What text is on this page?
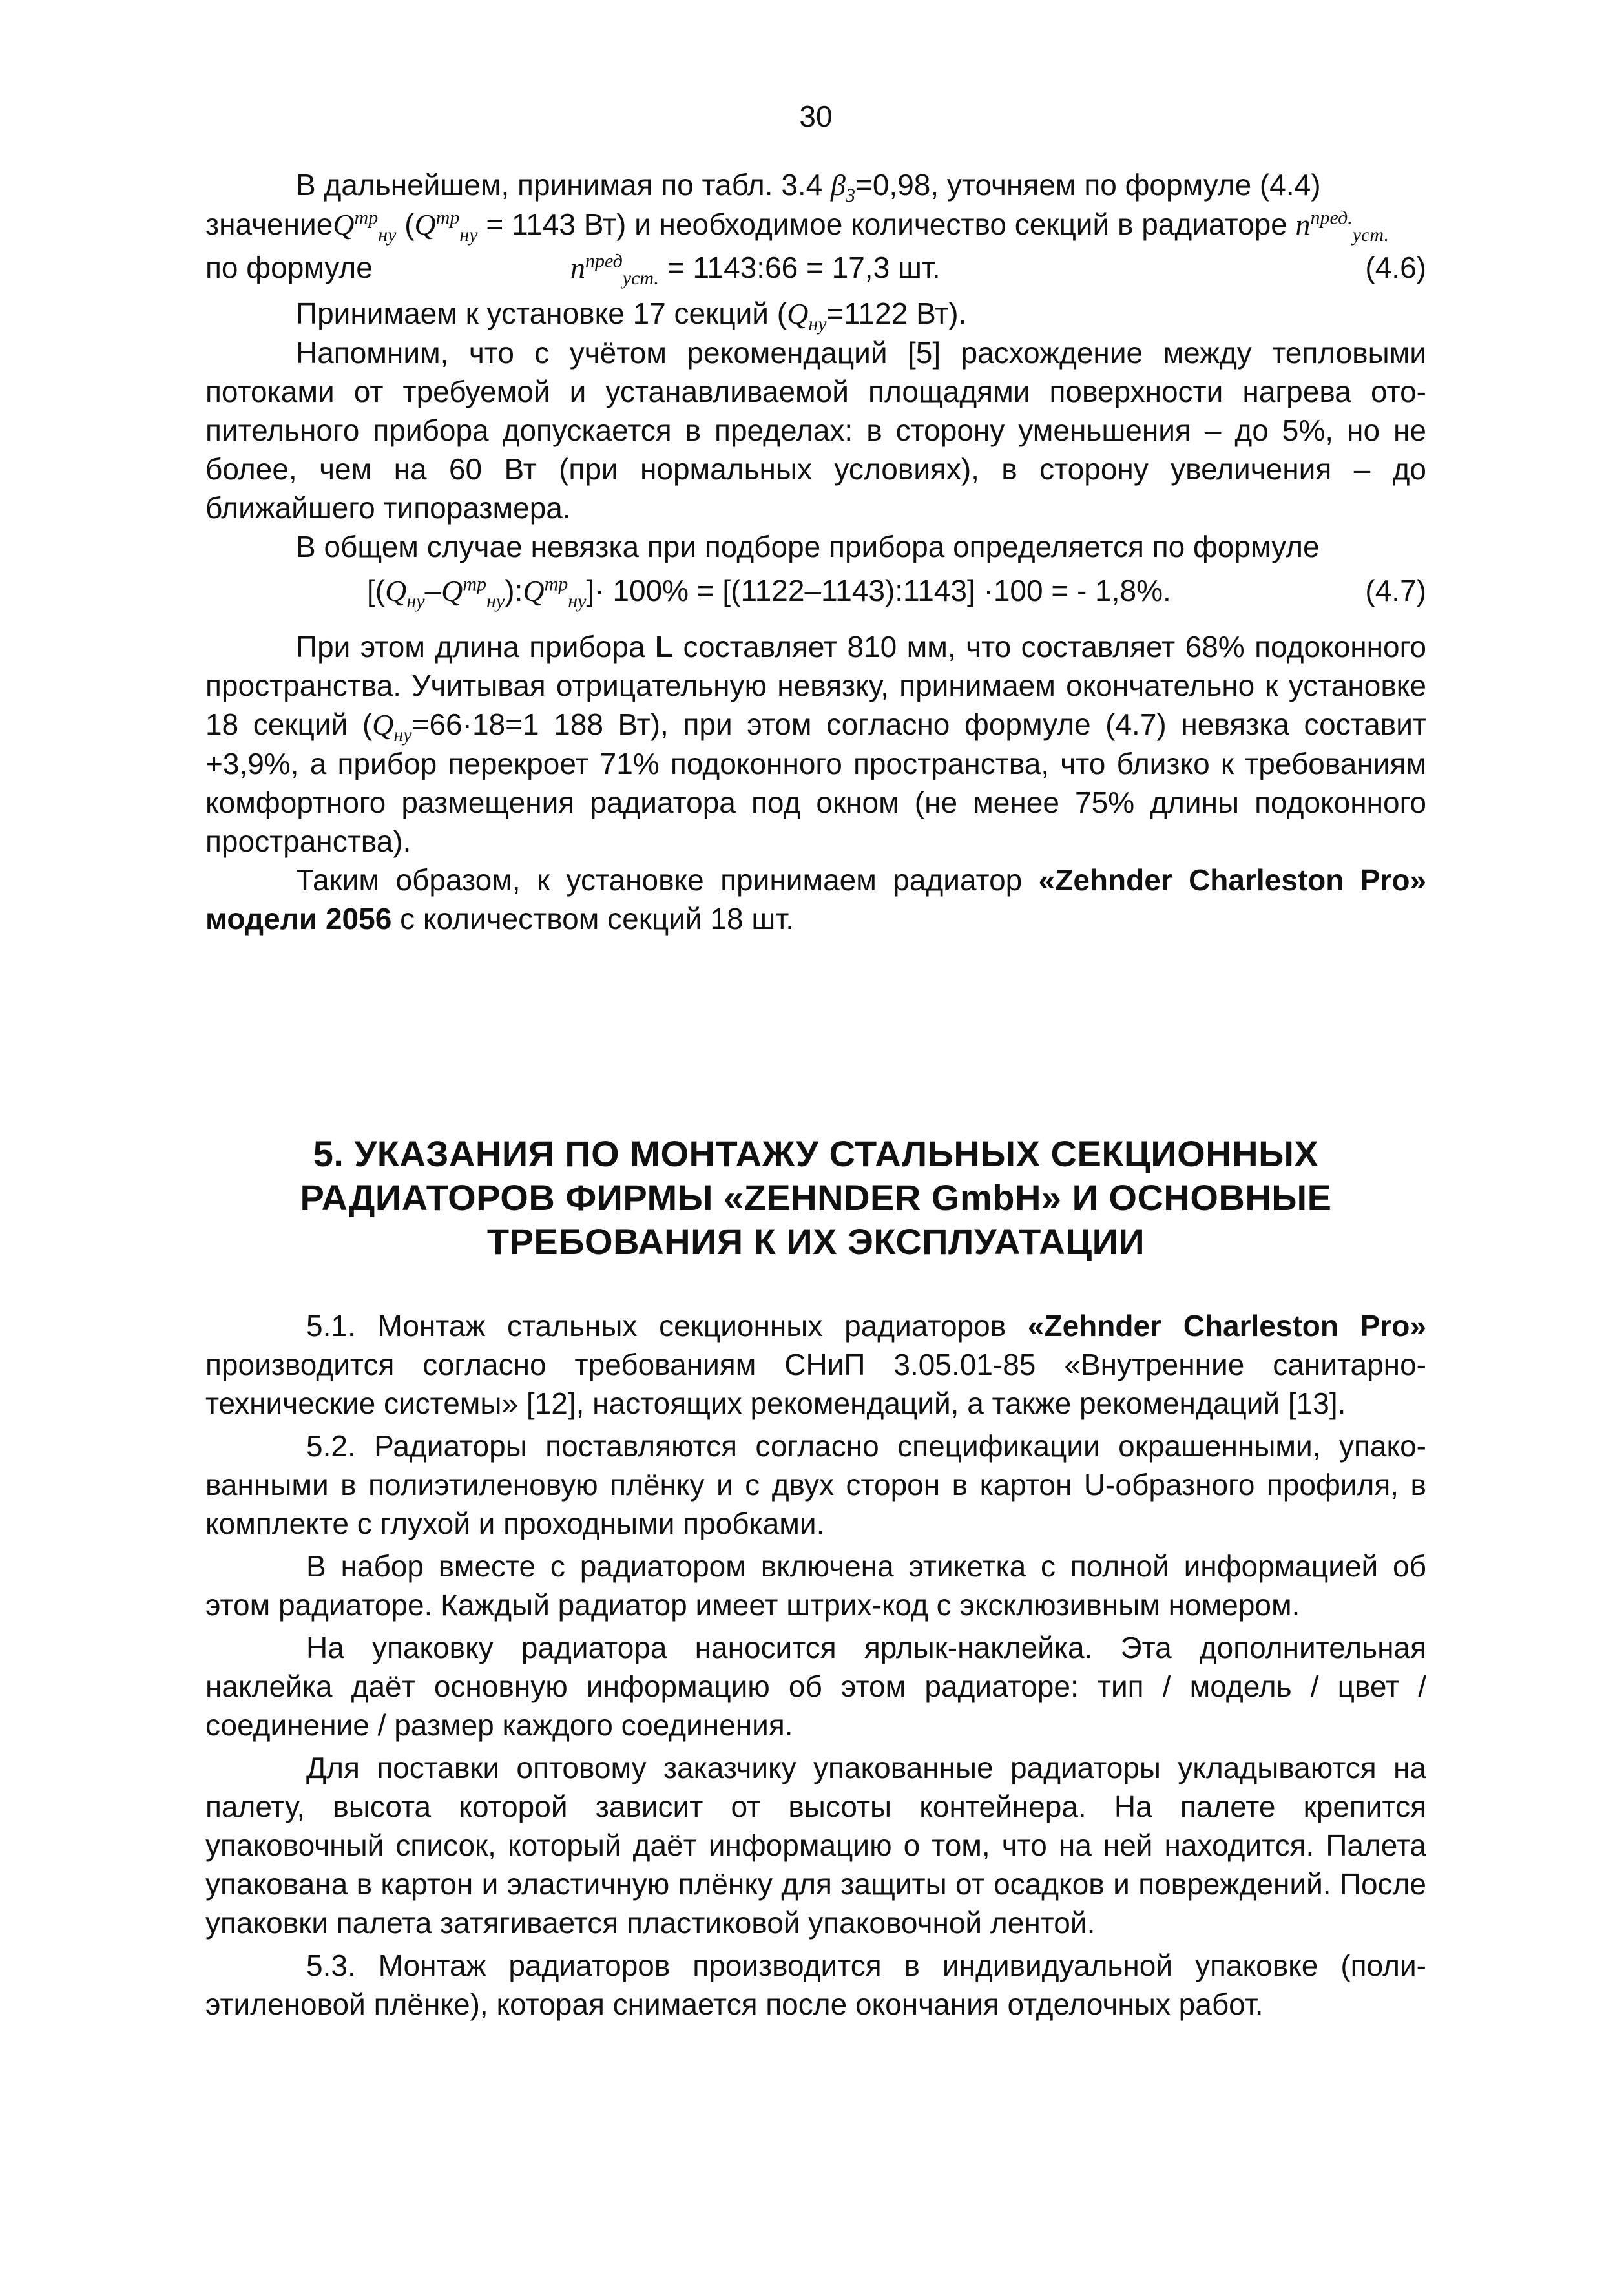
30

В дальнейшем, принимая по табл. 3.4 $\beta_3=0,98$, уточняем по формуле (4.4)

значениеQ$^{тр}_{ну}$ ($Q^{тр}_{ну} = 1143$ Вт) и необходимое количество секций в радиаторе $n^{пред.}_{уст.}$

по формуле	$n^{пред}_{уст.}$ = 1143:66 = 17,3 шт.	(4.6)

Принимаем к установке 17 секций ($Q_{ну}=1122$ Вт).

Напомним, что с учётом рекомендаций [5] расхождение между тепловыми потоками от требуемой и устанавливаемой площадями поверхности нагрева отопительного прибора допускается в пределах: в сторону уменьшения – до 5%, но не более, чем на 60 Вт (при нормальных условиях), в сторону увеличения – до ближайшего типоразмера.

В общем случае невязка при подборе прибора определяется по формуле

$[(Q_{ну}-Q^{тр}_{ну}):Q^{тр}_{ну}]\cdot 100\%$ = [(1122–1143):1143] ·100 = - 1,8%.	(4.7)

При этом длина прибора L составляет 810 мм, что составляет 68% подоконного пространства. Учитывая отрицательную невязку, принимаем окончательно к установке 18 секций ($Q_{ну}=66\cdot 18=1$ 188 Вт), при этом согласно формуле (4.7) невязка составит +3,9%, а прибор перекроет 71% подоконного пространства, что близко к требованиям комфортного размещения радиатора под окном (не менее 75% длины подоконного пространства).

Таким образом, к установке принимаем радиатор «Zehnder Charleston Pro» модели 2056 с количеством секций 18 шт.

5. УКАЗАНИЯ ПО МОНТАЖУ СТАЛЬНЫХ СЕКЦИОННЫХ
РАДИАТОРОВ ФИРМЫ «ZEHNDER GmbH» И ОСНОВНЫЕ
ТРЕБОВАНИЯ К ИХ ЭКСПЛУАТАЦИИ

5.1. Монтаж стальных секционных радиаторов «Zehnder Charleston Pro» производится согласно требованиям СНиП 3.05.01-85 «Внутренние санитарно-технические системы» [12], настоящих рекомендаций, а также рекомендаций [13].

5.2. Радиаторы поставляются согласно спецификации окрашенными, упакованными в полиэтиленовую плёнку и с двух сторон в картон U-образного профиля, в комплекте с глухой и проходными пробками.

В набор вместе с радиатором включена этикетка с полной информацией об этом радиаторе. Каждый радиатор имеет штрих-код с эксклюзивным номером.

На упаковку радиатора наносится ярлык-наклейка. Эта дополнительная наклейка даёт основную информацию об этом радиаторе: тип / модель / цвет / соединение / размер каждого соединения.

Для поставки оптовому заказчику упакованные радиаторы укладываются на палету, высота которой зависит от высоты контейнера. На палете крепится упаковочный список, который даёт информацию о том, что на ней находится. Палета упакована в картон и эластичную плёнку для защиты от осадков и повреждений. После упаковки палета затягивается пластиковой упаковочной лентой.

5.3. Монтаж радиаторов производится в индивидуальной упаковке (полиэтиленовой плёнке), которая снимается после окончания отделочных работ.
